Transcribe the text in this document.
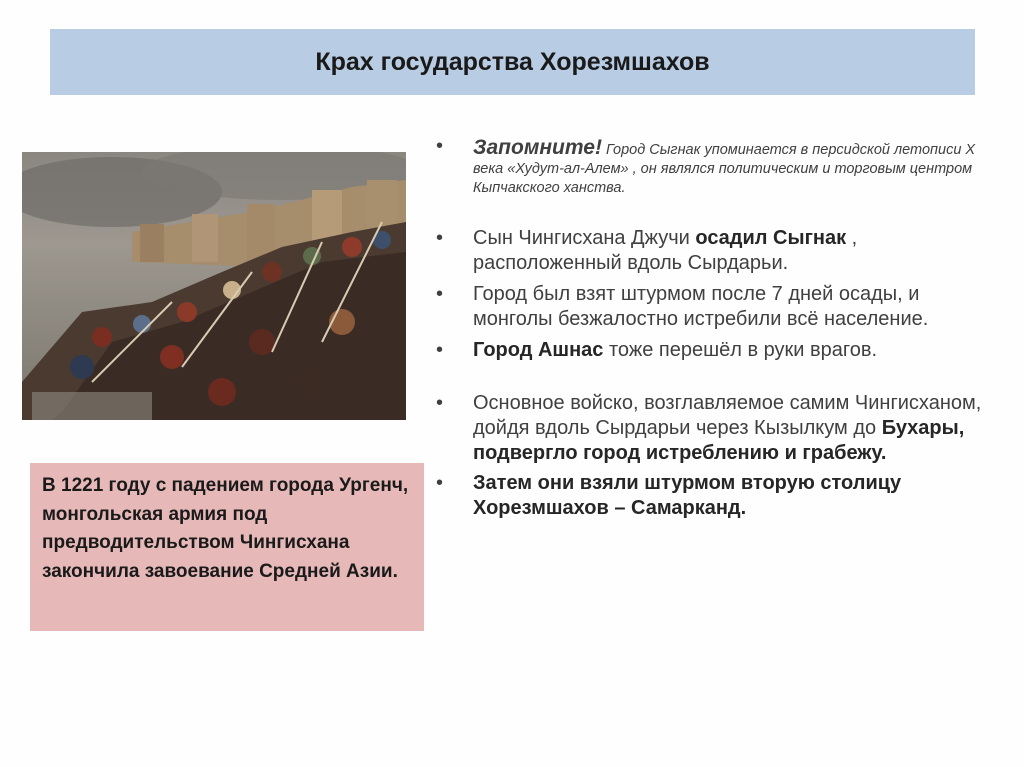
Крах государства Хорезмшахов

В 1221 году с падением города Ургенч, монгольская армия под предводительством Чингисхана закончила завоевание Средней Азии.

• Запомните! Город Сыгнак упоминается в персидской летописи X века «Худут-ал-Алем» , он являлся политическим и торговым центром Кыпчакского ханства.
• Сын Чингисхана Джучи осадил Сыгнак , расположенный вдоль Сырдарьи.
• Город был взят штурмом после 7 дней осады, и монголы безжалостно истребили всё население.
• Город Ашнас тоже перешёл в руки врагов.
• Основное войско, возглавляемое самим Чингисханом, дойдя вдоль Сырдарьи через Кызылкум до Бухары, подвергло город истреблению и грабежу.
• Затем они взяли штурмом вторую столицу Хорезмшахов – Самарканд.
